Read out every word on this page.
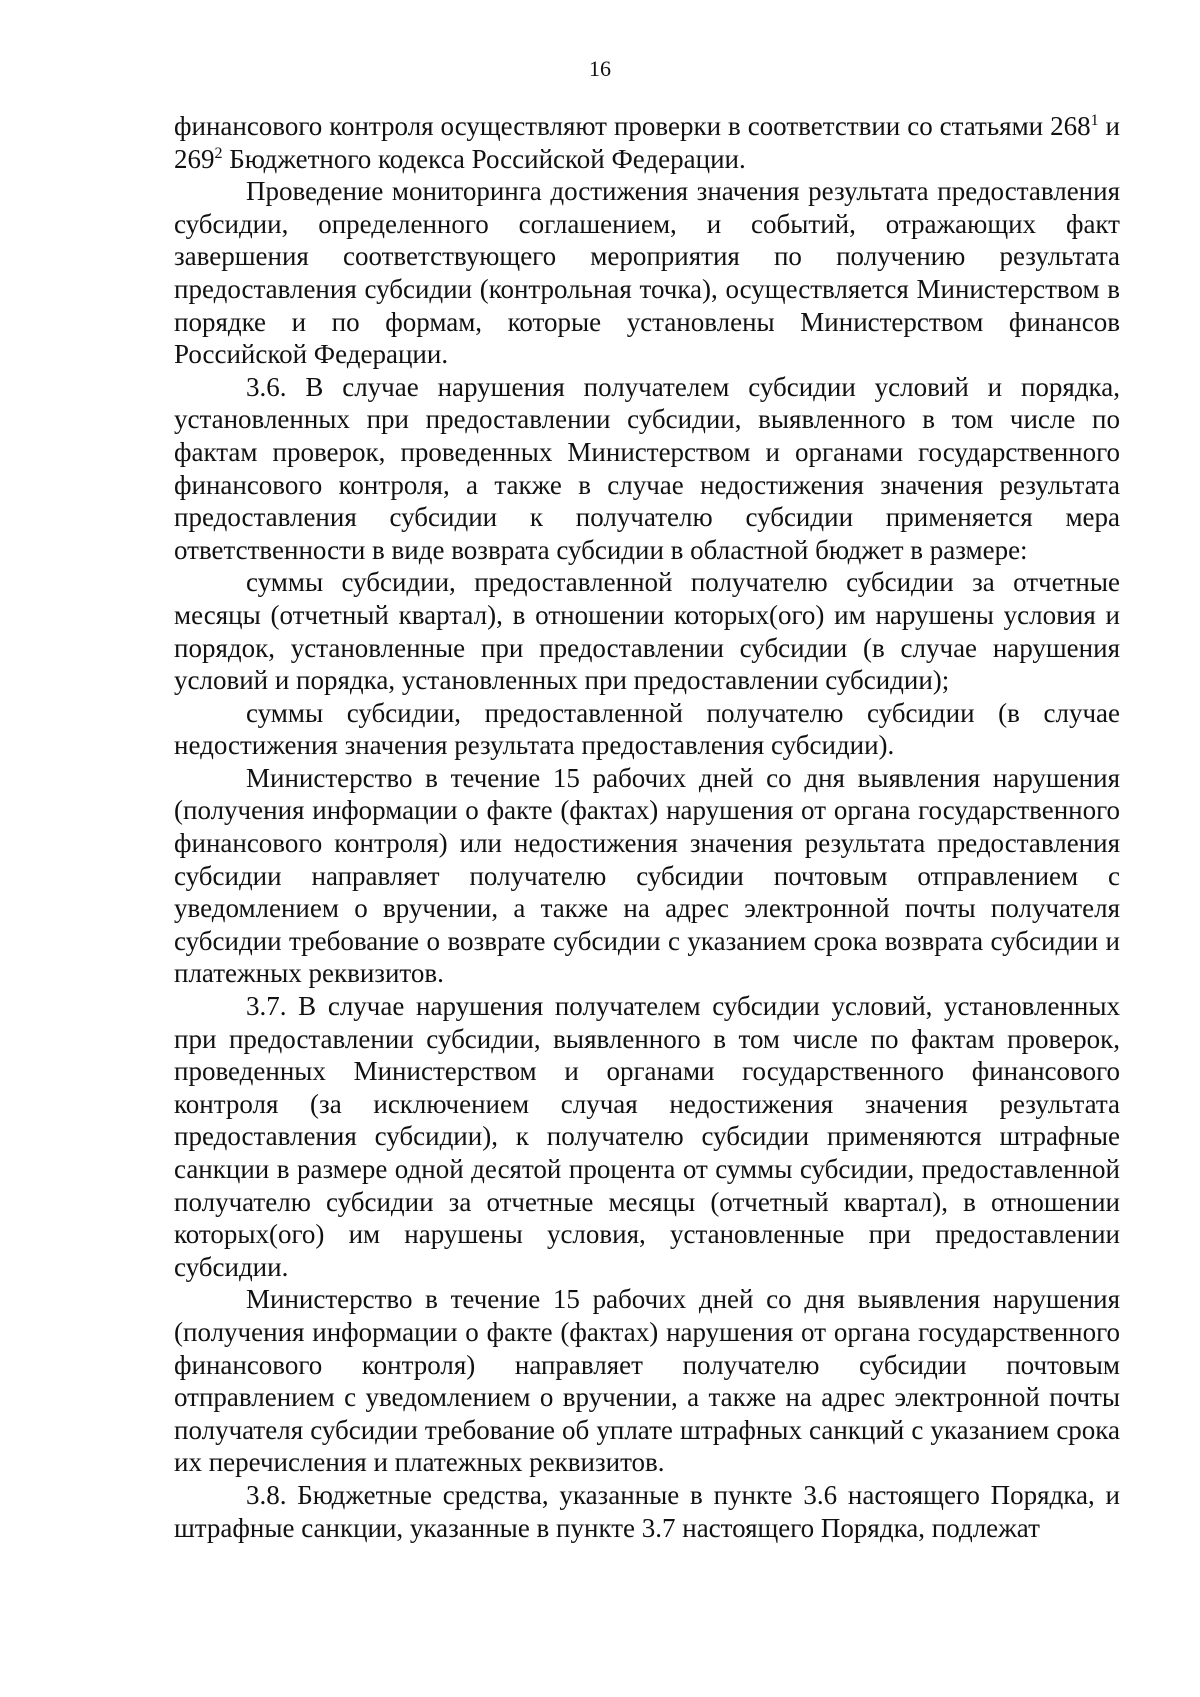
16

финансового контроля осуществляют проверки в соответствии со статьями $268^1$ и $269^2$ Бюджетного кодекса Российской Федерации.

Проведение мониторинга достижения значения результата предоставления субсидии, определенного соглашением, и событий, отражающих факт завершения соответствующего мероприятия по получению результата предоставления субсидии (контрольная точка), осуществляется Министерством в порядке и по формам, которые установлены Министерством финансов Российской Федерации.

3.6. В случае нарушения получателем субсидии условий и порядка, установленных при предоставлении субсидии, выявленного в том числе по фактам проверок, проведенных Министерством и органами государственного финансового контроля, а также в случае недостижения значения результата предоставления субсидии к получателю субсидии применяется мера ответственности в виде возврата субсидии в областной бюджет в размере:

суммы субсидии, предоставленной получателю субсидии за отчетные месяцы (отчетный квартал), в отношении которых(ого) им нарушены условия и порядок, установленные при предоставлении субсидии (в случае нарушения условий и порядка, установленных при предоставлении субсидии);

суммы субсидии, предоставленной получателю субсидии (в случае недостижения значения результата предоставления субсидии).

Министерство в течение 15 рабочих дней со дня выявления нарушения (получения информации о факте (фактах) нарушения от органа государственного финансового контроля) или недостижения значения результата предоставления субсидии направляет получателю субсидии почтовым отправлением с уведомлением о вручении, а также на адрес электронной почты получателя субсидии требование о возврате субсидии с указанием срока возврата субсидии и платежных реквизитов.

3.7. В случае нарушения получателем субсидии условий, установленных при предоставлении субсидии, выявленного в том числе по фактам проверок, проведенных Министерством и органами государственного финансового контроля (за исключением случая недостижения значения результата предоставления субсидии), к получателю субсидии применяются штрафные санкции в размере одной десятой процента от суммы субсидии, предоставленной получателю субсидии за отчетные месяцы (отчетный квартал), в отношении которых(ого) им нарушены условия, установленные при предоставлении субсидии.

Министерство в течение 15 рабочих дней со дня выявления нарушения (получения информации о факте (фактах) нарушения от органа государственного финансового контроля) направляет получателю субсидии почтовым отправлением с уведомлением о вручении, а также на адрес электронной почты получателя субсидии требование об уплате штрафных санкций с указанием срока их перечисления и платежных реквизитов.

3.8. Бюджетные средства, указанные в пункте 3.6 настоящего Порядка, и штрафные санкции, указанные в пункте 3.7 настоящего Порядка, подлежат
